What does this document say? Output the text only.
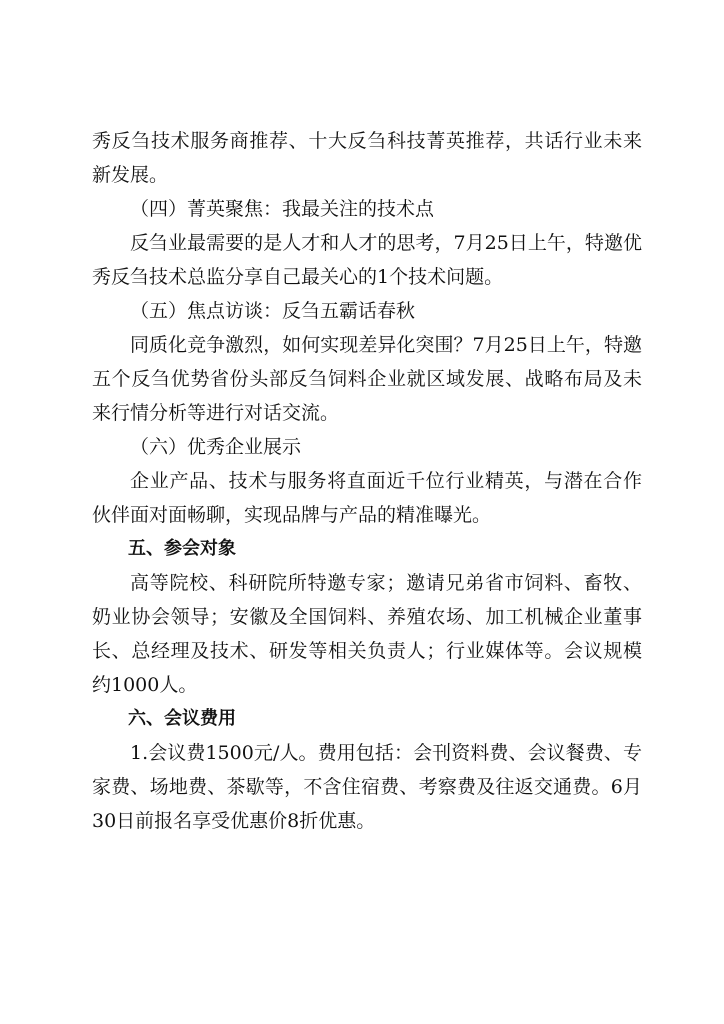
秀反刍技术服务商推荐、十大反刍科技菁英推荐，共话行业未来新发展。

（四）菁英聚焦：我最关注的技术点

反刍业最需要的是人才和人才的思考，7月25日上午，特邀优秀反刍技术总监分享自己最关心的1个技术问题。

（五）焦点访谈：反刍五霸话春秋

同质化竞争激烈，如何实现差异化突围？7月25日上午，特邀五个反刍优势省份头部反刍饲料企业就区域发展、战略布局及未来行情分析等进行对话交流。

（六）优秀企业展示

企业产品、技术与服务将直面近千位行业精英，与潜在合作伙伴面对面畅聊，实现品牌与产品的精准曝光。

五、参会对象

高等院校、科研院所特邀专家；邀请兄弟省市饲料、畜牧、奶业协会领导；安徽及全国饲料、养殖农场、加工机械企业董事长、总经理及技术、研发等相关负责人；行业媒体等。会议规模约1000人。

六、会议费用

1.会议费1500元/人。费用包括：会刊资料费、会议餐费、专家费、场地费、茶歇等，不含住宿费、考察费及往返交通费。6月30日前报名享受优惠价8折优惠。
